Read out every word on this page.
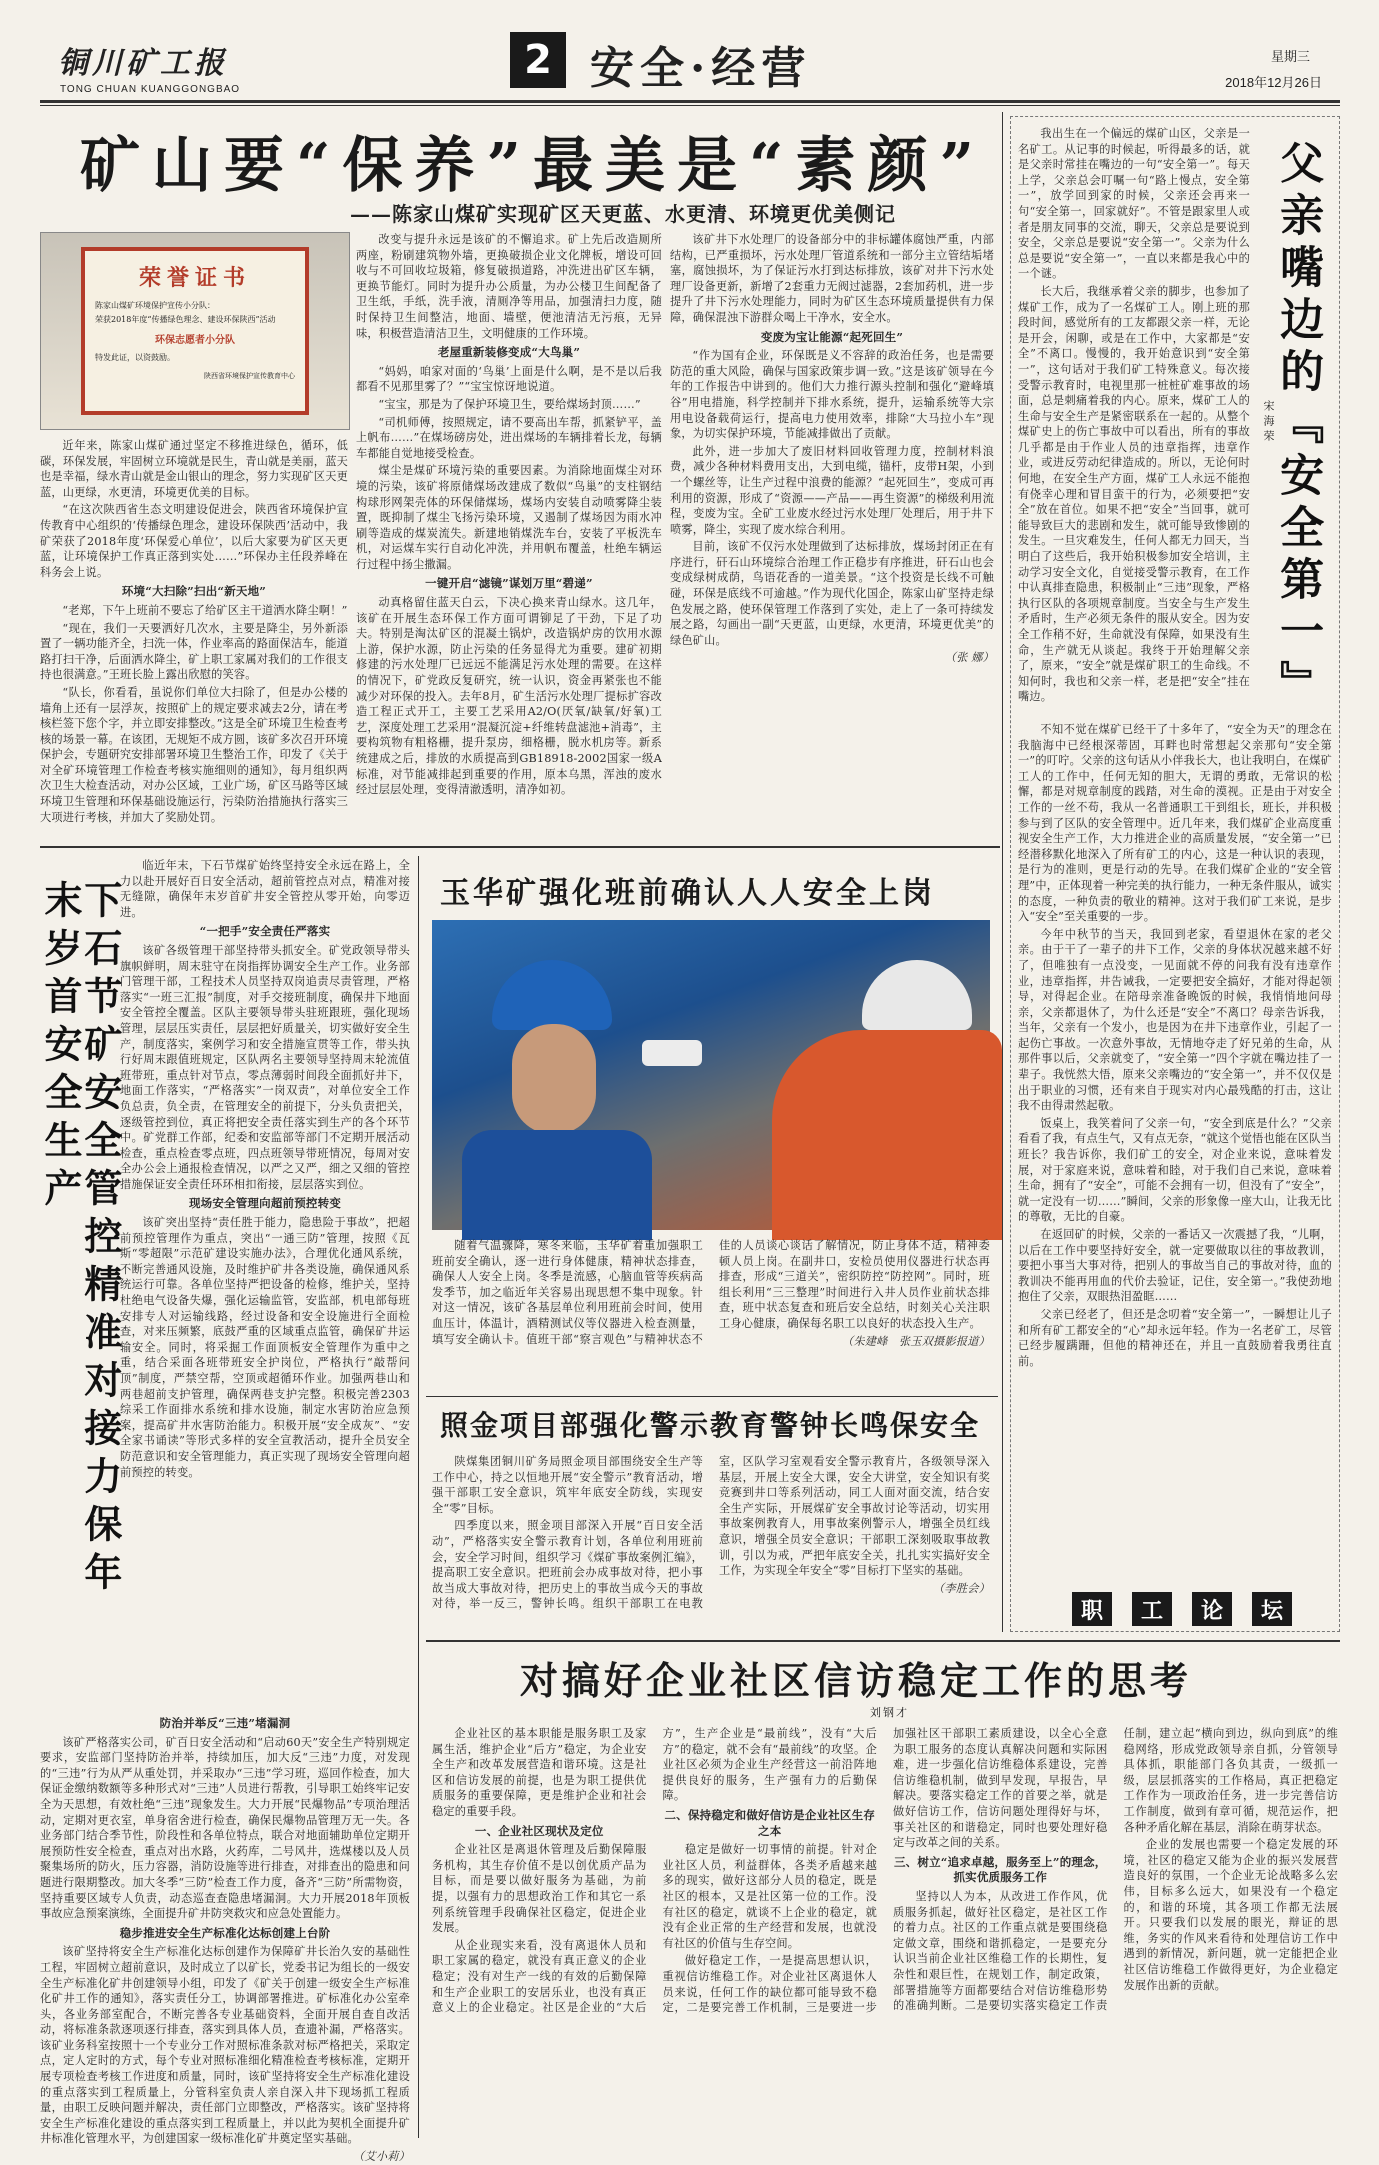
铜川矿工报
TONG CHUAN KUANGGONGBAO
2 安全·经营	星期三
2018年12月26日
矿山要“保养”最美是“素颜”
——陈家山煤矿实现矿区天更蓝、水更清、环境更优美侧记
荣誉证书
陈家山煤矿环境保护宣传小分队：
荣获2018年度“传播绿色理念、建设环保陕西”活动
环保志愿者小分队
特发此证，以资鼓励。
陕西省环境保护宣传教育中心

近年来，陈家山煤矿通过坚定不移推进绿色，循环，低碳，环保发展，牢固树立环境就是民生，青山就是美丽，蓝天也是幸福，绿水青山就是金山银山的理念，努力实现矿区天更蓝，山更绿，水更清，环境更优美的目标。

“在这次陕西省生态文明建设促进会，陕西省环境保护宣传教育中心组织的‘传播绿色理念，建设环保陕西’活动中，我矿荣获了2018年度‘环保爱心单位’，以后大家要为矿区天更蓝，让环境保护工作真正落到实处……”环保办主任段养峰在科务会上说。

环境“大扫除”扫出“新天地”

“老郑，下午上班前不要忘了给矿区主干道洒水降尘啊！”

“现在，我们一天要洒好几次水，主要是降尘，另外新添置了一辆功能齐全，扫洗一体，作业率高的路面保洁车，能道路打扫干净，后面洒水降尘，矿上职工家属对我们的工作很支持也很满意。”王班长脸上露出欣慰的笑容。

“队长，你看看，虽说你们单位大扫除了，但是办公楼的墙角上还有一层浮灰，按照矿上的规定要求减去2分，请在考核栏签下您个字，并立即安排整改。”这是全矿环境卫生检查考核的场景一幕。在该团，无规矩不成方圆，该矿多次召开环境保护会，专题研究安排部署环境卫生整治工作，印发了《关于对全矿环境管理工作检查考核实施细则的通知》，每月组织两次卫生大检查活动，对办公区域，工业广场，矿区马路等区域环境卫生管理和环保基础设施运行，污染防治措施执行落实三大项进行考核，并加大了奖励处罚。

改变与提升永远是该矿的不懈追求。矿上先后改造厕所两座，粉刷建筑物外墙，更换破损企业文化牌板，增设可回收与不可回收垃圾箱，修复破损道路，冲洗进出矿区车辆，更换节能灯。同时为提升办公质量，为办公楼卫生间配备了卫生纸，手纸，洗手液，清厕净等用品，加强清扫力度，随时保持卫生间整洁，地面、墙壁，便池清洁无污痕，无异味，积极营造清洁卫生，文明健康的工作环境。

老屋重新装修变成“大鸟巢”

“妈妈，咱家对面的‘鸟巢’上面是什么啊，是不是以后我都看不见那里雾了？”“宝宝惊讶地说道。

“宝宝，那是为了保护环境卫生，要给煤场封顶……”

“司机师傅，按照规定，请不要高出车帮，抓紧铲平，盖上帆布……”在煤场磅房处，进出煤场的车辆排着长龙，每辆车都能自觉地接受检查。

煤尘是煤矿环境污染的重要因素。为消除地面煤尘对环境的污染，该矿将原储煤场改建成了数似“鸟巢”的支柱钢结构球形网架壳体的环保储煤场，煤场内安装自动喷雾降尘装置，既抑制了煤尘飞扬污染环境，又遏制了煤场因为雨水冲刷等造成的煤炭流失。新建地销煤洗车台，安装了平板洗车机，对运煤车实行自动化冲洗，并用帆布覆盖，杜绝车辆运行过程中扬尘撒漏。

一键开启“滤镜”谋划万里“碧递”

动真格留住蓝天白云，下决心换来青山绿水。这几年，该矿在开展生态环保工作方面可谓铆足了干劲，下足了功夫。特别是淘汰矿区的混凝土锅炉，改造锅炉房的饮用水源上游，保护水源，防止污染的任务显得尤为重要。建矿初期修建的污水处理厂已远远不能满足污水处理的需要。在这样的情况下，矿党政反复研究，统一认识，资金再紧张也不能减少对环保的投入。去年8月，矿生活污水处理厂提标扩容改造工程正式开工，主要工艺采用A2/O(厌氧/缺氧/好氧)工艺，深度处理工艺采用“混凝沉淀+纤维转盘滤池+消毒”，主要构筑物有粗格栅，提升泵房，细格栅，脱水机房等。新系统建成之后，排放的水质提高到GB18918-2002国家一级A标准，对节能减排起到重要的作用，原本乌黑，浑浊的废水经过层层处理，变得清澈透明，清净如初。

该矿井下水处理厂的设备部分中的非标罐体腐蚀严重，内部结构，已严重损坏，污水处理厂管道系统和一部分主立管结垢堵塞，腐蚀损坏，为了保证污水打到达标排放，该矿对井下污水处理厂设备更新，新增了2套重力无阀过滤器，2套加药机，进一步提升了井下污水处理能力，同时为矿区生态环境质量提供有力保障，确保混浊下游群众喝上干净水，安全水。

变废为宝让能源“起死回生”

“作为国有企业，环保既是义不容辞的政治任务，也是需要防范的重大风险，确保与国家政策步调一致。”这是该矿领导在今年的工作报告中讲到的。他们大力推行源头控制和强化“避峰填谷”用电措施，科学控制并下排水系统，提升，运输系统等大宗用电设备载荷运行，提高电力使用效率，排除“大马拉小车”现象，为切实保护环境，节能减排做出了贡献。

此外，进一步加大了废旧材料回收管理力度，控制材料浪费，减少各种材料费用支出，大到电缆，锚杆，皮带H架，小到一个螺丝等，让生产过程中浪费的能源？“起死回生”，变成可再利用的资源，形成了“资源——产品——再生资源”的梯级利用流程，变废为宝。全矿工业废水经过污水处理厂处理后，用于井下喷雾，降尘，实现了废水综合利用。

目前，该矿不仅污水处理做到了达标排放，煤场封闭正在有序进行，矸石山环境综合治理工作正稳步有序推进，矸石山也会变成绿树成荫，鸟语花香的一道美景。“这个投资是长线不可触碰，环保是底线不可逾越。”作为现代化国企，陈家山矿坚持走绿色发展之路，使环保管理工作落到了实处，走上了一条可持续发展之路，勾画出一副“天更蓝，山更绿，水更清，环境更优美”的绿色矿山。

（张 娜）

下石节矿安全管控精准对接力保年末岁首安全生产

临近年末，下石节煤矿始终坚持安全永远在路上，全力以赴开展好百日安全活动，超前管控点对点，精准对接无缝隙，确保年末岁首矿井安全管控从零开始，向零迈进。

“一把手”安全责任严落实

该矿各级管理干部坚持带头抓安全。矿党政领导带头旗帜鲜明，周末驻守在岗指挥协调安全生产工作。业务部门管理干部，工程技术人员坚持双岗追责尽责管理，严格落实“一班三汇报”制度，对手交接班制度，确保井下地面安全管控全覆盖。区队主要领导带头驻班跟班，强化现场管理，层层压实责任，层层把好质量关，切实做好安全生产，制度落实，案例学习和安全措施宣贯等工作，带头执行好周末跟值班规定，区队两名主要领导坚持周末轮流值班带班，重点针对节点，零点薄弱时间段全面抓好井下，地面工作落实，“严格落实”一岗双责”，对单位安全工作负总责，负全责，在管理安全的前提下，分头负责把关，逐级管控到位，真正将把安全责任落实到生产的各个环节中。矿党群工作部，纪委和安监部等部门不定期开展活动检查，重点检查零点班，四点班领导带班情况，每周对安全办公会上通报检查情况，以严之又严，细之又细的管控措施保证安全责任环环相扣衔接，层层落实到位。

现场安全管理向超前预控转变

该矿突出坚持“责任胜于能力，隐患险于事故”，把超前预控管理作为重点，突出“一通三防”管理，按照《瓦斯“零超限”示范矿建设实施办法》，合理优化通风系统，不断完善通风设施，及时维护矿井各类设施，确保通风系统运行可靠。各单位坚持严把设备的检修，维护关，坚持杜绝电气设备失爆，强化运输监管，安监部，机电部每班安排专人对运输线路，经过设备和安全设施进行全面检查，对来压频繁，底鼓严重的区域重点监管，确保矿井运输安全。同时，将采掘工作面顶板安全管理作为重中之重，结合采面各班带班安全护岗位，严格执行“敲帮问顶”制度，严禁空帮，空顶或超循环作业。加强两巷山和两巷超前支护管理，确保两巷支护完整。积极完善2303综采工作面排水系统和排水设施，制定水害防治应急预案，提高矿井水害防治能力。积极开展“安全成灰”、“安全家书诵读”等形式多样的安全宣教活动，提升全员安全防范意识和安全管理能力，真正实现了现场安全管理向超前预控的转变。

防治并举反“三违”堵漏洞

该矿严格落实公司，矿百日安全活动和“启动60天”安全生产特别规定要求，安监部门坚持防治并举，持续加压，加大反“三违”力度，对发现的“三违”行为从严从重处罚，并采取办“三违”学习班，巡回作检查，加大保证金缴纳数额等多种形式对“三违”人员进行帮教，引导职工始终牢记安全为天思想，有效杜绝“三违”现象发生。大力开展“民爆物品”专项治理活动，定期对更衣室，单身宿舍进行检查，确保民爆物品管理万无一失。各业务部门结合季节性，阶段性和各单位特点，联合对地面辅助单位定期开展预防性安全检查，重点对出水路，火药库，二号风井，选煤楼以及人员聚集场所的防火，压力容器，消防设施等进行排查，对排查出的隐患和问题进行限期整改。加大冬季“三防”检查工作力度，备齐“三防”所需物资，坚持重要区域专人负责，动态巡查查隐患堵漏洞。大力开展2018年顶板事故应急预案演练，全面提升矿井防突救灾和应急处置能力。

稳步推进安全生产标准化达标创建上台阶

该矿坚持将安全生产标准化达标创建作为保障矿井长治久安的基础性工程，牢固树立超前意识，及时成立了以矿长，党委书记为组长的一级安全生产标准化矿井创建领导小组，印发了《矿关于创建一级安全生产标准化矿井工作的通知》，落实责任分工，协调部署推进。矿标准化办公室牵头，各业务部室配合，不断完善各专业基础资料，全面开展自查自改活动，将标准条款逐项逐行排查，落实到具体人员，查遗补漏，严格落实。该矿业务科室按照十一个专业分工作对照标准条款对标严格把关，采取定点，定人定时的方式，每个专业对照标准细化精准检查考核标准，定期开展专项检查考核工作进度和质量，同时，该矿坚持将安全生产标准化建设的重点落实到工程质量上，分管科室负责人亲自深入井下现场抓工程质量，由职工反映问题并解决，责任部门立即整改，严格落实。该矿坚持将安全生产标准化建设的重点落实到工程质量上，并以此为契机全面提升矿井标准化管理水平，为创建国家一级标准化矿井奠定坚实基础。

（艾小莉）

玉华矿强化班前确认人人安全上岗

随着气温骤降，寒冬来临，玉华矿着重加强职工班前安全确认，逐一进行身体健康，精神状态排查，确保人人安全上岗。冬季是流感，心脑血管等疾病高发季节，加之临近年关容易出现思想不集中现象。针对这一情况，该矿各基层单位利用班前会时间，使用血压计，体温计，酒精测试仪等仪器进入检查测量，填写安全确认卡。值班干部“察言观色”与精神状态不佳的人员谈心谈话了解情况，防止身体不适，精神委顿人员上岗。在副井口，安检员使用仪器进行状态再排查，形成“三道关”，密织防控“防控网”。同时，班组长利用“三三整理”时间进行入井人员作业前状态排查，班中状态复查和班后安全总结，时刻关心关注职工身心健康，确保每名职工以良好的状态投入生产。

（朱建峰　张玉双摄影报道）

照金项目部强化警示教育警钟长鸣保安全

陕煤集团铜川矿务局照金项目部围绕安全生产等工作中心，持之以恒地开展“安全警示”教育活动，增强干部职工安全意识，筑牢年底安全防线，实现安全“零”目标。

四季度以来，照金项目部深入开展“百日安全活动”，严格落实安全警示教育计划，各单位利用班前会，安全学习时间，组织学习《煤矿事故案例汇编》，提高职工安全意识。把班前会办成事故对待，把小事故当成大事故对待，把历史上的事故当成今天的事故对待，举一反三，警钟长鸣。组织干部职工在电教室，区队学习室观看安全警示教育片，各级领导深入基层，开展上安全大课，安全大讲堂，安全知识有奖竞赛到井口等系列活动，同工人面对面交流，结合安全生产实际，开展煤矿安全事故讨论等活动，切实用事故案例教育人，用事故案例警示人，增强全员红线意识，增强全员安全意识；干部职工深刻吸取事故教训，引以为戒，严把年底安全关，扎扎实实搞好安全工作，为实现全年安全“零”目标打下坚实的基础。

（李胜会）

我出生在一个偏远的煤矿山区，父亲是一名矿工。从记事的时候起，听得最多的话，就是父亲时常挂在嘴边的一句“安全第一”。每天上学，父亲总会叮嘱一句“路上慢点，安全第一”，放学回到家的时候，父亲还会再来一句“安全第一，回家就好”。不管是跟家里人或者是朋友同事的交流，聊天，父亲总是要说到安全，父亲总是要说“安全第一”。父亲为什么总是要说“安全第一”，一直以来都是我心中的一个谜。

长大后，我继承着父亲的脚步，也参加了煤矿工作，成为了一名煤矿工人。刚上班的那段时间，感觉所有的工友都跟父亲一样，无论是开会，闲聊，或是在工作中，大家都是“安全”不离口。慢慢的，我开始意识到“安全第一”，这句话对于我们矿工特殊意义。每次接受警示教育时，电视里那一桩桩矿难事故的场面，总是刺痛着我的内心。原来，煤矿工人的生命与安全生产是紧密联系在一起的。从整个煤矿史上的伤亡事故中可以看出，所有的事故几乎都是由于作业人员的违章指挥，违章作业，或进反劳动纪律造成的。所以，无论何时何地，在安全生产方面，煤矿工人永远不能抱有侥幸心理和冒目蛮干的行为，必须要把“安全”放在首位。如果不把“安全”当回事，就可能导致巨大的悲剧和发生，就可能导致惨剧的发生。一旦灾难发生，任何人都无力回天，当明白了这些后，我开始积极参加安全培训，主动学习安全文化，自觉接受警示教育，在工作中认真排查隐患，积极制止“三违”现象，严格执行区队的各项规章制度。当安全与生产发生矛盾时，生产必须无条件的服从安全。因为安全工作稍不好，生命就没有保障，如果没有生命，生产就无从谈起。我终于开始理解父亲了，原来，“安全”就是煤矿职工的生命线。不知何时，我也和父亲一样，老是把“安全”挂在嘴边。	父亲嘴边的『安全第一』
宋海荣

不知不觉在煤矿已经干了十多年了，“安全为天”的理念在我脑海中已经根深蒂固，耳畔也时常想起父亲那句“安全第一”的叮咛。父亲的这句话从小伴我长大，也让我明白，在煤矿工人的工作中，任何无知的胆大，无谓的勇敢，无常识的松懈，都是对规章制度的践踏，对生命的漠视。正是由于对安全工作的一丝不苟，我从一名普通职工干到组长，班长，并积极参与到了区队的安全管理中。近几年来，我们煤矿企业高度重视安全生产工作，大力推进企业的高质量发展，“安全第一”已经潜移默化地深入了所有矿工的内心，这是一种认识的表现，是行为的准则，更是行动的先导。在我们煤矿企业的“安全管理”中，正体现着一种完美的执行能力，一种无条件服从，诚实的态度，一种负责的敬业的精神。这对于我们矿工来说，是步入“安全”至关重要的一步。

今年中秋节的当天，我回到老家，看望退休在家的老父亲。由于干了一辈子的井下工作，父亲的身体状况越来越不好了，但唯独有一点没变，一见面就不停的问我有没有违章作业，违章指挥，井告诫我，一定要把安全搞好，才能对得起领导，对得起企业。在陪母亲准备晚饭的时候，我悄悄地问母亲，父亲都退休了，为什么还是“安全”不离口？母亲告诉我，当年，父亲有一个发小，也是因为在井下违章作业，引起了一起伤亡事故。一次意外事故，无情地夺走了好兄弟的生命，从那件事以后，父亲就变了，“安全第一”四个字就在嘴边挂了一辈子。我恍然大悟，原来父亲嘴边的“安全第一”，并不仅仅是出于职业的习惯，还有来自于现实对内心最残酷的打击，这让我不由得肃然起敬。

饭桌上，我笑着问了父亲一句，“安全到底是什么？”父亲看看了我，有点生气，又有点无奈，“就这个觉悟也能在区队当班长？我告诉你，我们矿工的安全，对企业来说，意味着发展，对于家庭来说，意味着和睦，对于我们自己来说，意味着生命，拥有了“安全”，可能不会拥有一切，但没有了“安全”，就一定没有一切……”瞬间，父亲的形象像一座大山，让我无比的尊敬，无比的自豪。

在返回矿的时候，父亲的一番话又一次震撼了我，“儿啊，以后在工作中要坚持好安全，就一定要做取以往的事故教训，要把小事当大事对待，把别人的事故当自己的事故对待，血的教训决不能再用血的代价去验证，记住，安全第一。”我使劲地抱住了父亲，双眼热泪盈眶……

父亲已经老了，但还是念叨着“安全第一”，一瞬想让儿子和所有矿工都安全的“心”却永远年轻。作为一名老矿工，尽管已经步履蹒跚，但他的精神还在，并且一直鼓励着我勇往直前。

职	工	论	坛
对搞好企业社区信访稳定工作的思考
刘钢才

企业社区的基本职能是服务职工及家属生活，维护企业“后方”稳定，为企业安全生产和改革发展营造和谐环境。这是社区和信访发展的前提，也是为职工提供优质服务的重要保障，更是维护企业和社会稳定的重要手段。

一、企业社区现状及定位

企业社区是离退休管理及后勤保障服务机构，其生存价值不是以创优质产品为目标，而是要以做好服务为基础，为前提，以强有力的思想政治工作和其它一系列系统管理手段确保社区稳定，促进企业发展。

从企业现实来看，没有离退休人员和职工家属的稳定，就没有真正意义的企业稳定；没有对生产一线的有效的后勤保障和生产企业职工的安居乐业，也没有真正意义上的企业稳定。社区是企业的“大后方”，生产企业是“最前线”，没有“大后方”的稳定，就不会有“最前线”的攻坚。企业社区必须为企业生产经营这一前沿阵地提供良好的服务，生产强有力的后勤保障。

二、保持稳定和做好信访是企业社区生存之本

稳定是做好一切事情的前提。针对企业社区人员，利益群体，各类矛盾越来越多的现实，做好这部分人员的稳定，既是社区的根本，又是社区第一位的工作。没有社区的稳定，就谈不上企业的稳定，就没有企业正常的生产经营和发展，也就没有社区的价值与生存空间。

做好稳定工作，一是提高思想认识，重视信访维稳工作。对企业社区离退休人员来说，任何工作的缺位都可能导致不稳定，二是要完善工作机制，三是要进一步加强社区干部职工素质建设，以全心全意为职工服务的态度认真解决问题和实际困难，进一步强化信访维稳体系建设，完善信访维稳机制，做到早发现，早报告，早解决。要落实稳定工作的首要之举，就是做好信访工作，信访问题处理得好与坏，事关社区的和谐稳定，同时也要处理好稳定与改革之间的关系。

三、树立“追求卓越，服务至上”的理念，抓实优质服务工作

坚持以人为本，从改进工作作风，优质服务抓起，做好社区稳定，是社区工作的着力点。社区的工作重点就是要围绕稳定做文章，围绕和谐抓稳定，一是要充分认识当前企业社区维稳工作的长期性，复杂性和艰巨性，在规划工作，制定政策，部署措施等方面都要结合对信访维稳形势的准确判断。二是要切实落实稳定工作责任制，建立起“横向到边，纵向到底”的维稳网络，形成党政领导亲自抓，分管领导具体抓，职能部门各负其责，一级抓一级，层层抓落实的工作格局，真正把稳定工作作为一项政治任务，进一步完善信访工作制度，做到有章可循，规范运作，把各种矛盾化解在基层，消除在萌芽状态。

企业的发展也需要一个稳定发展的环境，社区的稳定又能为企业的振兴发展营造良好的氛围，一个企业无论战略多么宏伟，目标多么远大，如果没有一个稳定的，和谐的环境，其各项工作都无法展开。只要我们以发展的眼光，辩证的思维，务实的作风来看待和处理信访工作中遇到的新情况，新问题，就一定能把企业社区信访维稳工作做得更好，为企业稳定发展作出新的贡献。
